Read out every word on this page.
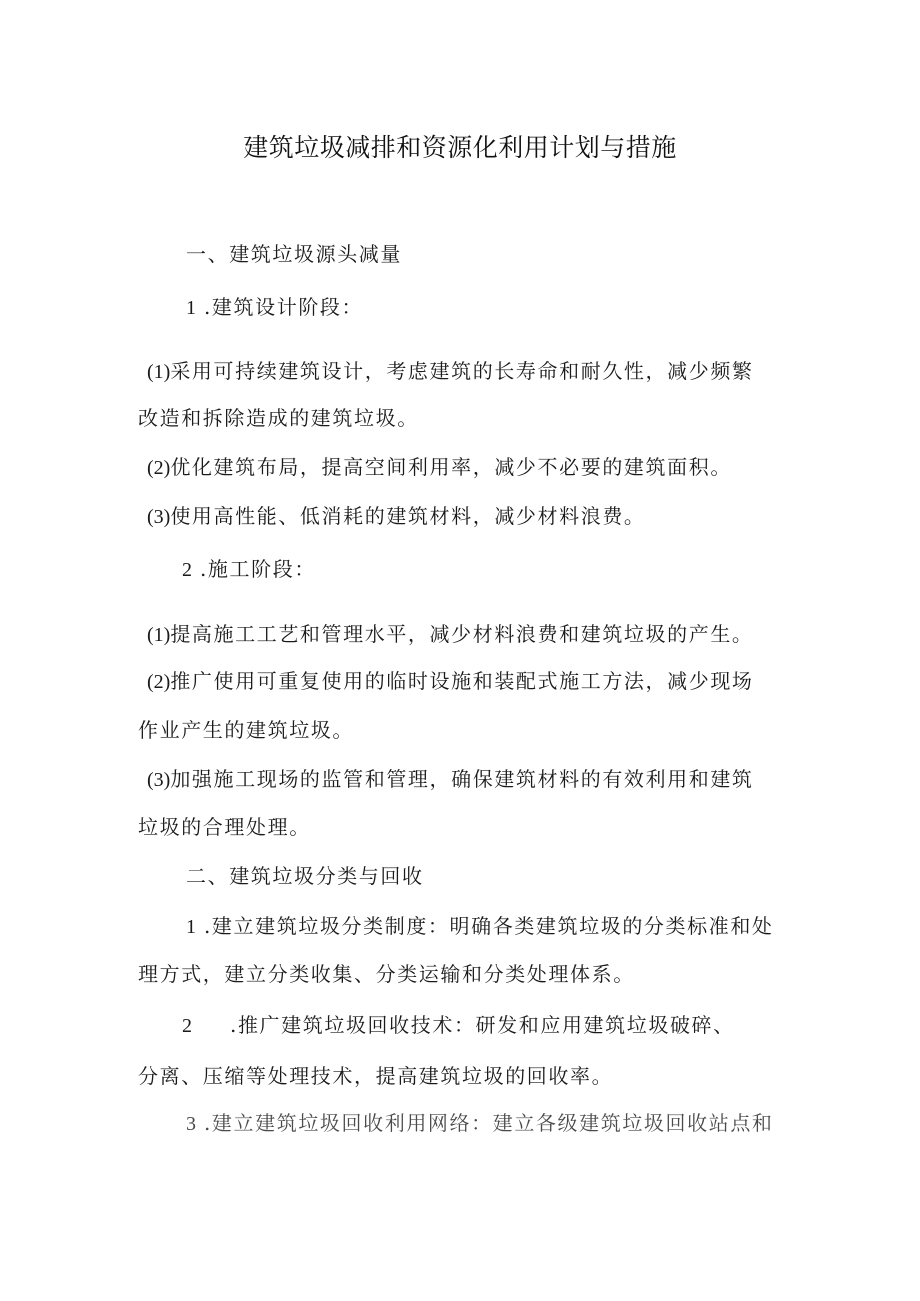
建筑垃圾减排和资源化利用计划与措施
一、建筑垃圾源头减量
1 .建筑设计阶段：
(1)采用可持续建筑设计，考虑建筑的长寿命和耐久性，减少频繁
改造和拆除造成的建筑垃圾。
(2)优化建筑布局，提高空间利用率，减少不必要的建筑面积。
(3)使用高性能、低消耗的建筑材料，减少材料浪费。
2 .施工阶段：
(1)提高施工工艺和管理水平，减少材料浪费和建筑垃圾的产生。
(2)推广使用可重复使用的临时设施和装配式施工方法，减少现场
作业产生的建筑垃圾。
(3)加强施工现场的监管和管理，确保建筑材料的有效利用和建筑
垃圾的合理处理。
二、建筑垃圾分类与回收
1 .建立建筑垃圾分类制度：明确各类建筑垃圾的分类标准和处
理方式，建立分类收集、分类运输和分类处理体系。
2 .推广建筑垃圾回收技术：研发和应用建筑垃圾破碎、
分离、压缩等处理技术，提高建筑垃圾的回收率。
3 .建立建筑垃圾回收利用网络：建立各级建筑垃圾回收站点和
